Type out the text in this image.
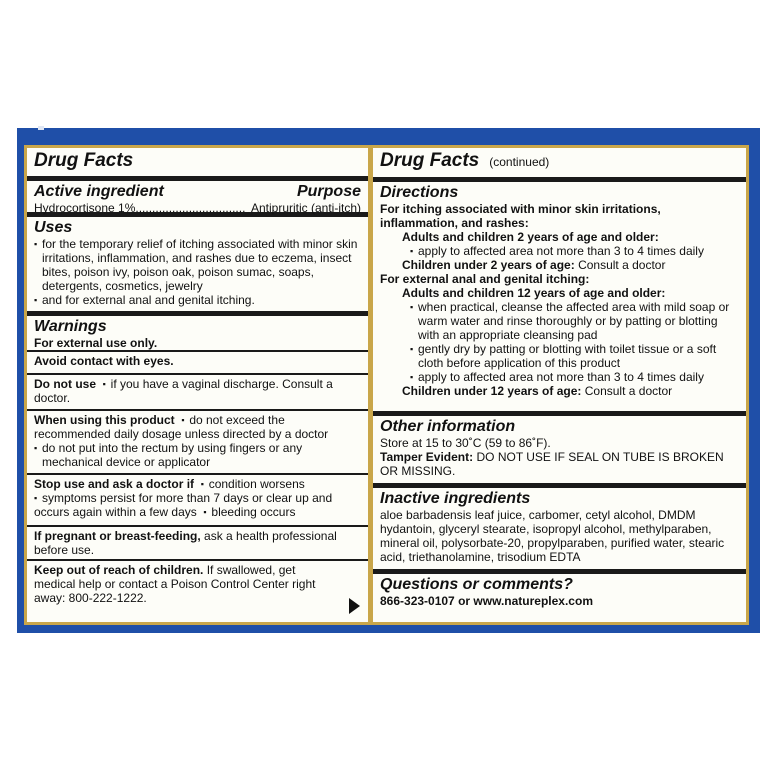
Drug Facts
Active ingredient	Purpose
Hydrocortisone 1%................................. Antipruritic (anti-itch)
Uses
▪ for the temporary relief of itching associated with minor skin irritations, inflammation, and rashes due to eczema, insect bites, poison ivy, poison oak, poison sumac, soaps, detergents, cosmetics, jewelry
▪ and for external anal and genital itching.
Warnings
For external use only.
Avoid contact with eyes.
Do not use ▪ if you have a vaginal discharge. Consult a doctor.
When using this product ▪ do not exceed the recommended daily dosage unless directed by a doctor
▪ do not put into the rectum by using fingers or any mechanical device or applicator
Stop use and ask a doctor if ▪ condition worsens
▪ symptoms persist for more than 7 days or clear up and occurs again within a few days ▪ bleeding occurs
If pregnant or breast-feeding, ask a health professional before use.
Keep out of reach of children. If swallowed, get medical help or contact a Poison Control Center right away: 800-222-1222.
Drug Facts (continued)
Directions
For itching associated with minor skin irritations, inflammation, and rashes:
Adults and children 2 years of age and older:
▪ apply to affected area not more than 3 to 4 times daily
Children under 2 years of age: Consult a doctor
For external anal and genital itching:
Adults and children 12 years of age and older:
▪ when practical, cleanse the affected area with mild soap or warm water and rinse thoroughly or by patting or blotting with an appropriate cleansing pad
▪ gently dry by patting or blotting with toilet tissue or a soft cloth before application of this product
▪ apply to affected area not more than 3 to 4 times daily
Children under 12 years of age: Consult a doctor
Other information
Store at 15 to 30˚C (59 to 86˚F).
Tamper Evident: DO NOT USE IF SEAL ON TUBE IS BROKEN OR MISSING.
Inactive ingredients
aloe barbadensis leaf juice, carbomer, cetyl alcohol, DMDM hydantoin, glyceryl stearate, isopropyl alcohol, methylparaben, mineral oil, polysorbate-20, propylparaben, purified water, stearic acid, triethanolamine, trisodium EDTA
Questions or comments?
866-323-0107 or www.natureplex.com
